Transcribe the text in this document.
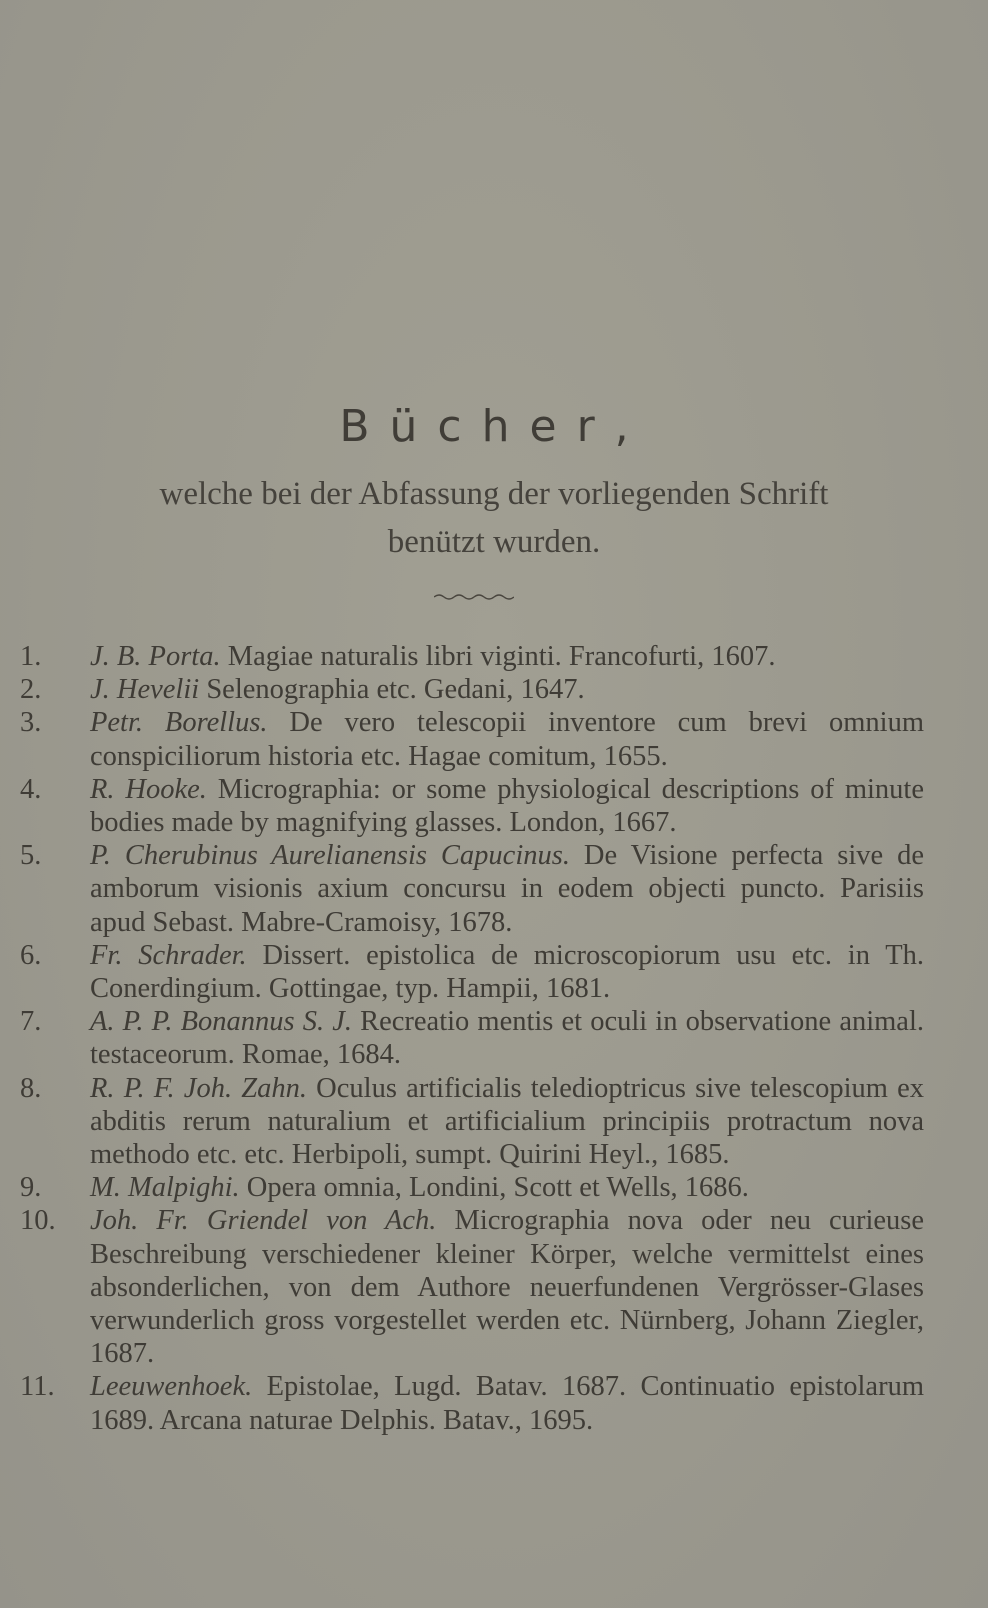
Bücher,
welche bei der Abfassung der vorliegenden Schrift
benützt wurden.
1.	J. B. Porta. Magiae naturalis libri viginti. Francofurti, 1607.
2.	J. Hevelii Selenographia etc. Gedani, 1647.
3.	Petr. Borellus. De vero telescopii inventore cum brevi omnium conspiciliorum historia etc. Hagae comitum, 1655.
4.	R. Hooke. Micrographia: or some physiological descriptions of minute bodies made by magnifying glasses. London, 1667.
5.	P. Cherubinus Aurelianensis Capucinus. De Visione perfecta sive de amborum visionis axium concursu in eodem objecti puncto. Parisiis apud Sebast. Mabre-Cramoisy, 1678.
6.	Fr. Schrader. Dissert. epistolica de microscopiorum usu etc. in Th. Conerdingium. Gottingae, typ. Hampii, 1681.
7.	A. P. P. Bonannus S. J. Recreatio mentis et oculi in observatione animal. testaceorum. Romae, 1684.
8.	R. P. F. Joh. Zahn. Oculus artificialis teledioptricus sive telescopium ex abditis rerum naturalium et artificialium principiis protractum nova methodo etc. etc. Herbipoli, sumpt. Quirini Heyl., 1685.
9.	M. Malpighi. Opera omnia, Londini, Scott et Wells, 1686.
10.	Joh. Fr. Griendel von Ach. Micrographia nova oder neu curieuse Beschreibung verschiedener kleiner Körper, welche vermittelst eines absonderlichen, von dem Authore neuerfundenen Vergrösser-Glases verwunderlich gross vorgestellet werden etc. Nürnberg, Johann Ziegler, 1687.
11.	Leeuwenhoek. Epistolae, Lugd. Batav. 1687. Continuatio epistolarum 1689. Arcana naturae Delphis. Batav., 1695.
